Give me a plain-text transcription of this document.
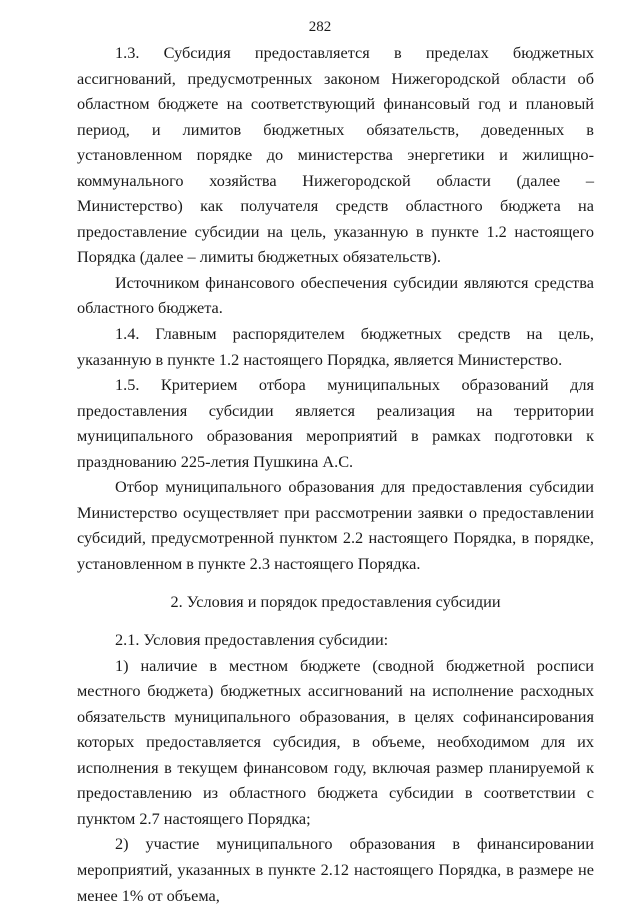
282

1.3. Субсидия предоставляется в пределах бюджетных ассигнований, предусмотренных законом Нижегородской области об областном бюджете на соответствующий финансовый год и плановый период, и лимитов бюджетных обязательств, доведенных в установленном порядке до министерства энергетики и жилищно-коммунального хозяйства Нижегородской области (далее – Министерство) как получателя средств областного бюджета на предоставление субсидии на цель, указанную в пункте 1.2 настоящего Порядка (далее – лимиты бюджетных обязательств).

Источником финансового обеспечения субсидии являются средства областного бюджета.

1.4. Главным распорядителем бюджетных средств на цель, указанную в пункте 1.2 настоящего Порядка, является Министерство.

1.5. Критерием отбора муниципальных образований для предоставления субсидии является реализация на территории муниципального образования мероприятий в рамках подготовки к празднованию 225-летия Пушкина А.С.

Отбор муниципального образования для предоставления субсидии Министерство осуществляет при рассмотрении заявки о предоставлении субсидий, предусмотренной пунктом 2.2 настоящего Порядка, в порядке, установленном в пункте 2.3 настоящего Порядка.

2. Условия и порядок предоставления субсидии

2.1. Условия предоставления субсидии:

1) наличие в местном бюджете (сводной бюджетной росписи местного бюджета) бюджетных ассигнований на исполнение расходных обязательств муниципального образования, в целях софинансирования которых предоставляется субсидия, в объеме, необходимом для их исполнения в текущем финансовом году, включая размер планируемой к предоставлению из областного бюджета субсидии в соответствии с пунктом 2.7 настоящего Порядка;

2) участие муниципального образования в финансировании мероприятий, указанных в пункте 2.12 настоящего Порядка, в размере не менее 1% от объема,
